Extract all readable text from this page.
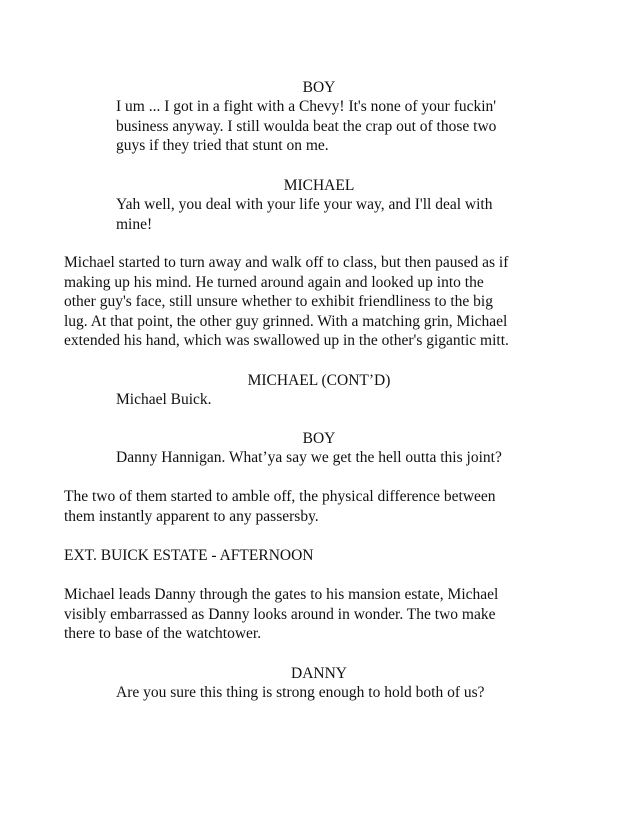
BOY
I um ... I got in a fight with a Chevy! It's none of your fuckin'
business anyway. I still woulda beat the crap out of those two
guys if they tried that stunt on me.
MICHAEL
Yah well, you deal with your life your way, and I'll deal with
mine!
Michael started to turn away and walk off to class, but then paused as if
making up his mind. He turned around again and looked up into the
other guy's face, still unsure whether to exhibit friendliness to the big
lug. At that point, the other guy grinned. With a matching grin, Michael
extended his hand, which was swallowed up in the other's gigantic mitt.
MICHAEL (CONT’D)
Michael Buick.
BOY
Danny Hannigan. What’ya say we get the hell outta this joint?
The two of them started to amble off, the physical difference between
them instantly apparent to any passersby.
EXT. BUICK ESTATE - AFTERNOON
Michael leads Danny through the gates to his mansion estate, Michael
visibly embarrassed as Danny looks around in wonder. The two make
there to base of the watchtower.
DANNY
Are you sure this thing is strong enough to hold both of us?
